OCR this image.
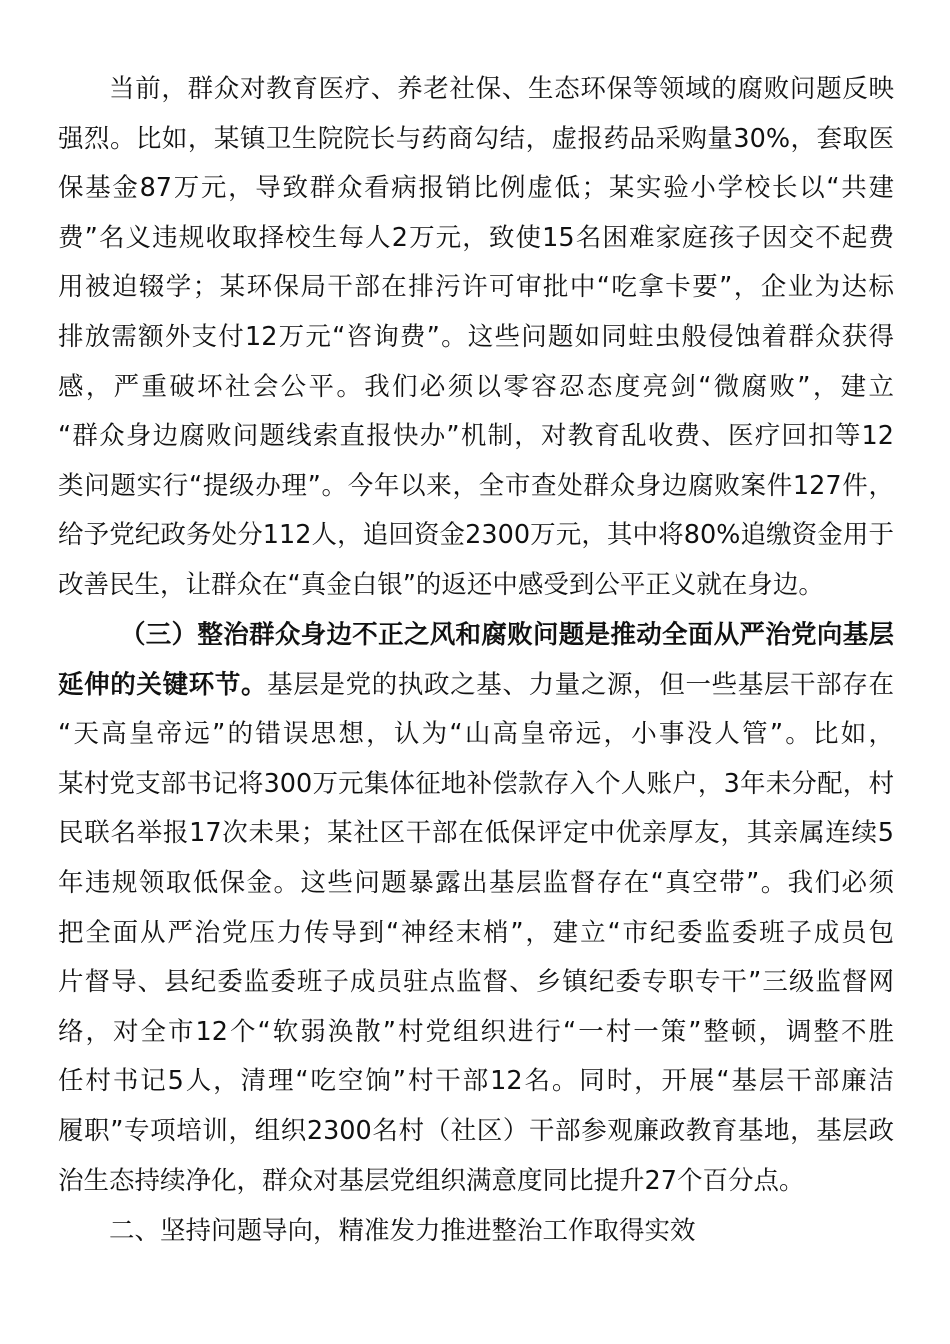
当前，群众对教育医疗、养老社保、生态环保等领域的腐败问题反映
强烈。比如，某镇卫生院院长与药商勾结，虚报药品采购量30%，套取医
保基金87万元，导致群众看病报销比例虚低；某实验小学校长以“共建
费”名义违规收取择校生每人2万元，致使15名困难家庭孩子因交不起费
用被迫辍学；某环保局干部在排污许可审批中“吃拿卡要”，企业为达标
排放需额外支付12万元“咨询费”。这些问题如同蛀虫般侵蚀着群众获得
感，严重破坏社会公平。我们必须以零容忍态度亮剑“微腐败”，建立
“群众身边腐败问题线索直报快办”机制，对教育乱收费、医疗回扣等12
类问题实行“提级办理”。今年以来，全市查处群众身边腐败案件127件，
给予党纪政务处分112人，追回资金2300万元，其中将80%追缴资金用于
改善民生，让群众在“真金白银”的返还中感受到公平正义就在身边。
（三）整治群众身边不正之风和腐败问题是推动全面从严治党向基层
延伸的关键环节。基层是党的执政之基、力量之源，但一些基层干部存在
“天高皇帝远”的错误思想，认为“山高皇帝远，小事没人管”。比如，
某村党支部书记将300万元集体征地补偿款存入个人账户，3年未分配，村
民联名举报17次未果；某社区干部在低保评定中优亲厚友，其亲属连续5
年违规领取低保金。这些问题暴露出基层监督存在“真空带”。我们必须
把全面从严治党压力传导到“神经末梢”，建立“市纪委监委班子成员包
片督导、县纪委监委班子成员驻点监督、乡镇纪委专职专干”三级监督网
络，对全市12个“软弱涣散”村党组织进行“一村一策”整顿，调整不胜
任村书记5人，清理“吃空饷”村干部12名。同时，开展“基层干部廉洁
履职”专项培训，组织2300名村（社区）干部参观廉政教育基地，基层政
治生态持续净化，群众对基层党组织满意度同比提升27个百分点。
二、坚持问题导向，精准发力推进整治工作取得实效
